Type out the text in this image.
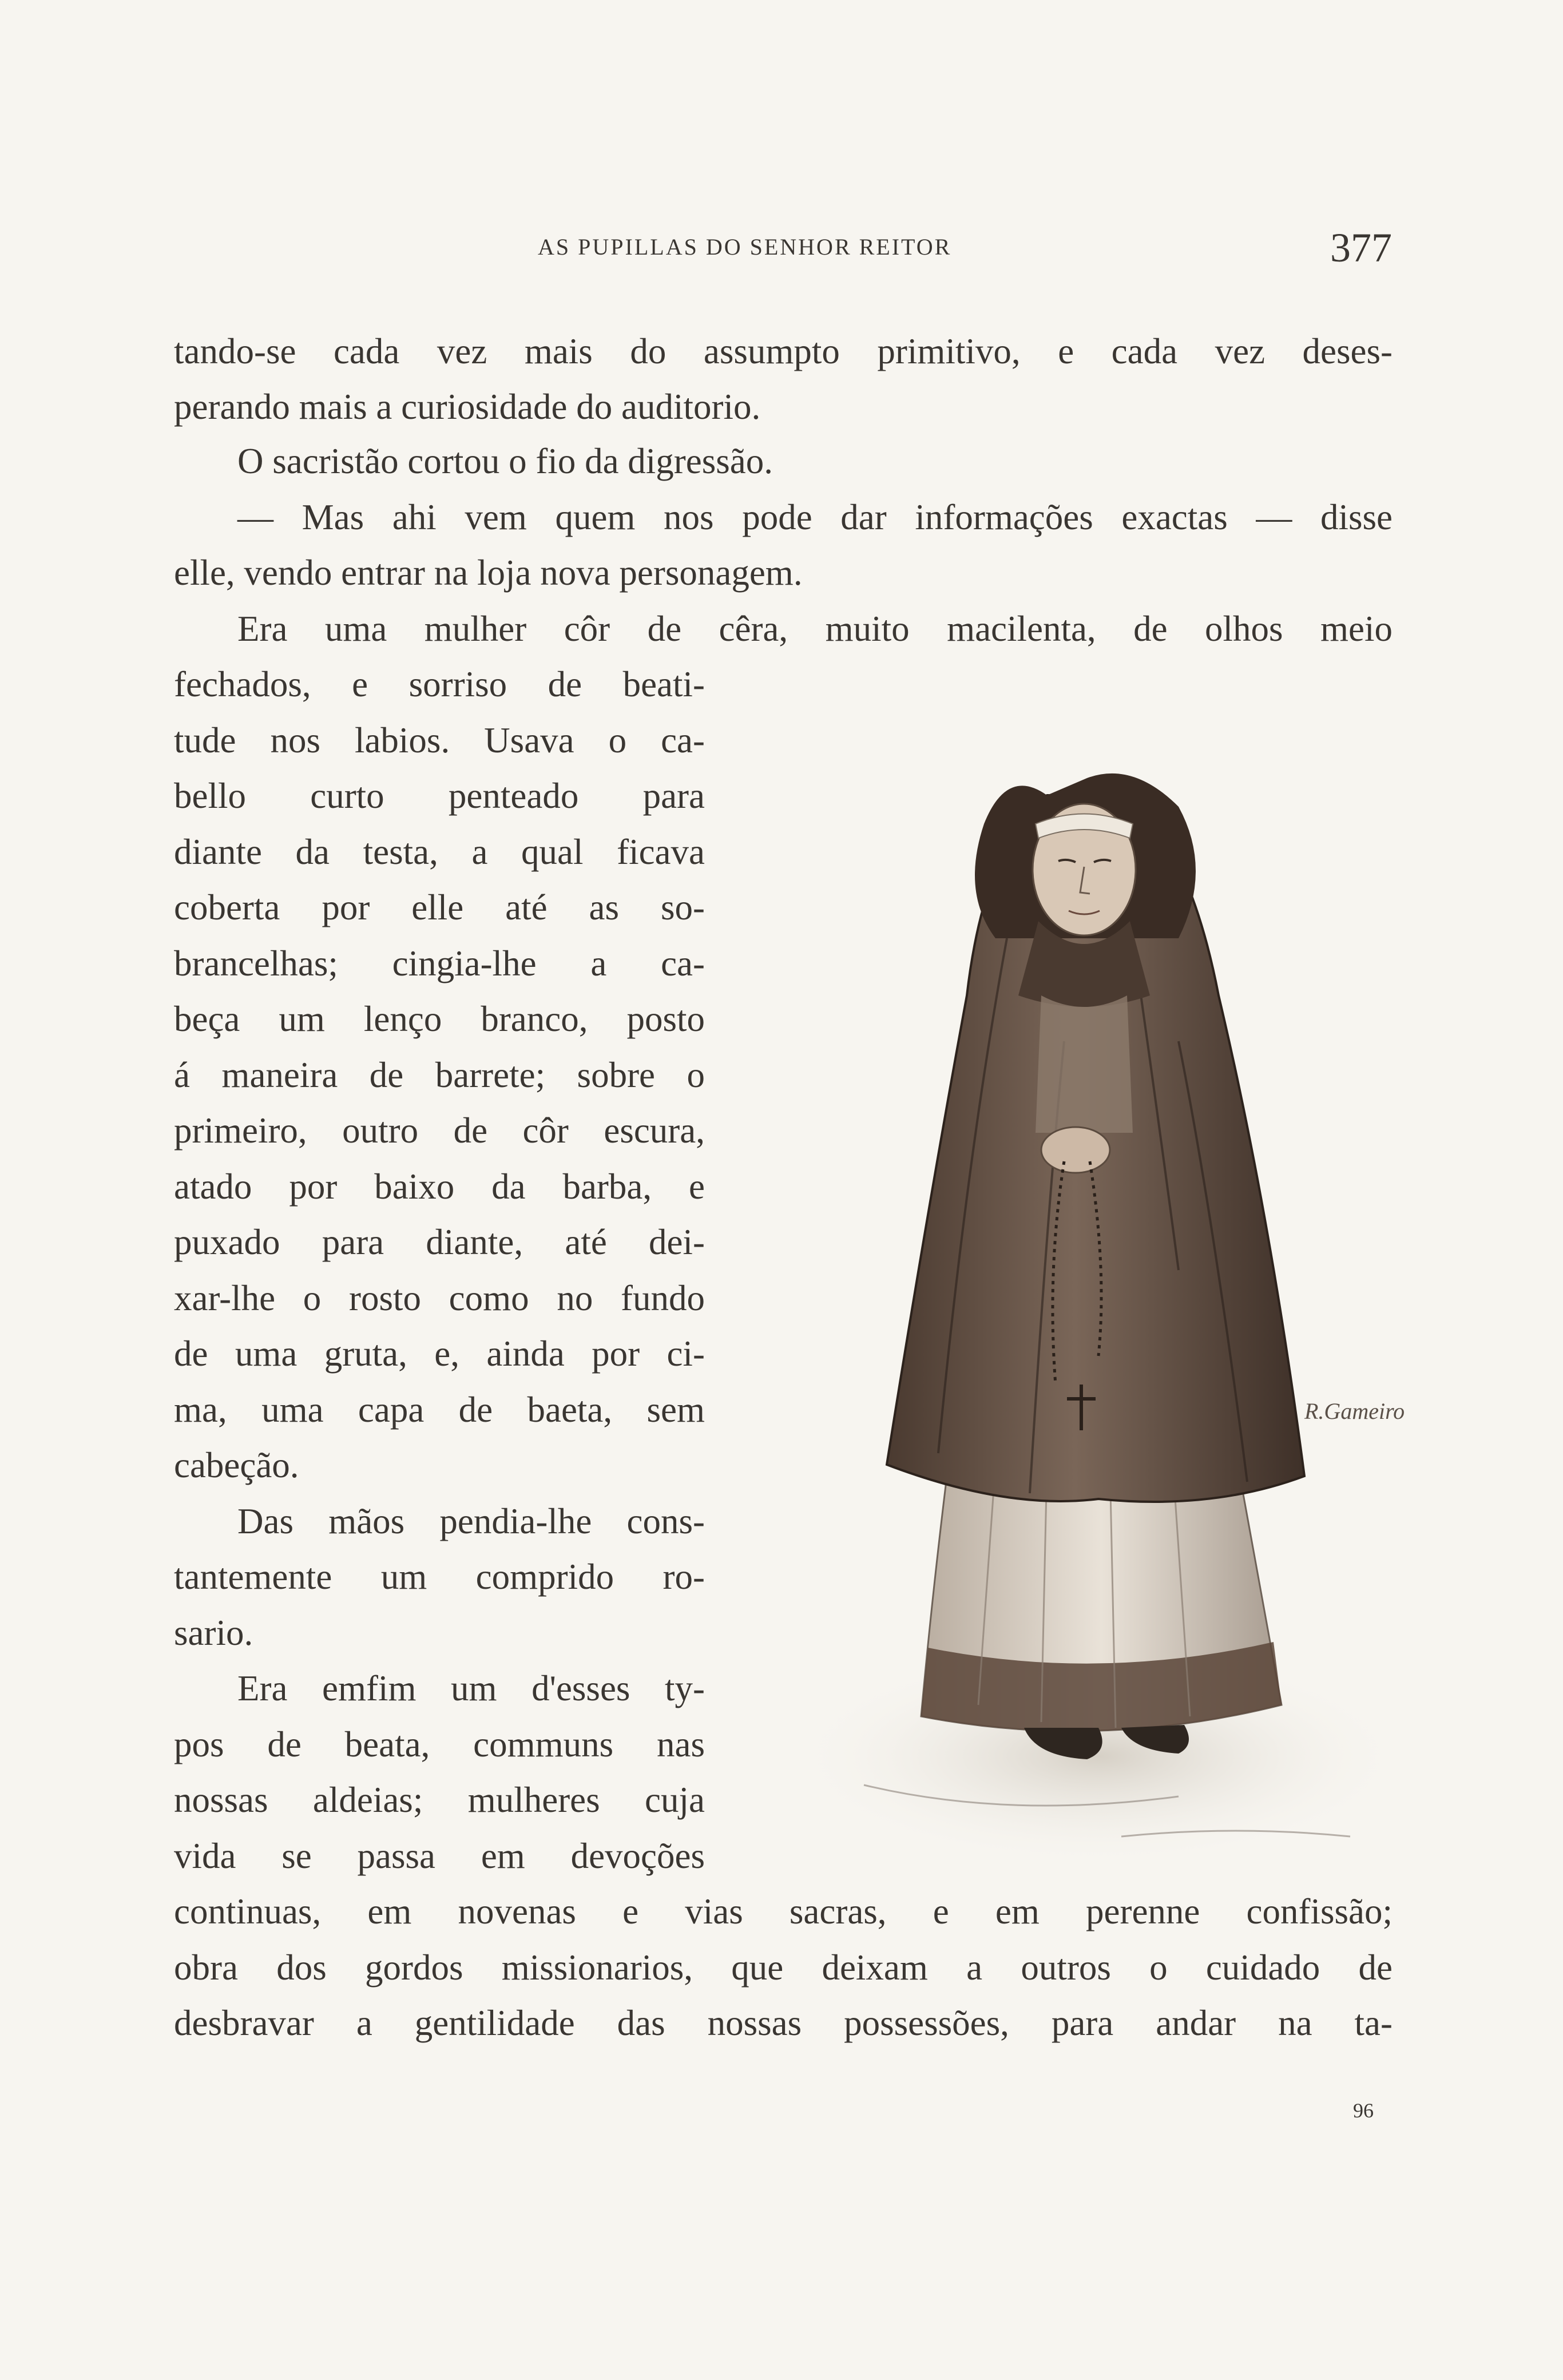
AS PUPILLAS DO SENHOR REITOR	377
tando-se cada vez mais do assumpto primitivo, e cada vez deses-
perando mais a curiosidade do auditorio.
O sacristão cortou o fio da digressão.
— Mas ahi vem quem nos pode dar informações exactas — disse
elle, vendo entrar na loja nova personagem.
Era uma mulher côr de cêra, muito macilenta, de olhos meio
fechados, e sorriso de beati-
tude nos labios. Usava o ca-
bello curto penteado para
diante da testa, a qual ficava
coberta por elle até as so-
brancelhas; cingia-lhe a ca-
beça um lenço branco, posto
á maneira de barrete; sobre o
primeiro, outro de côr escura,
atado por baixo da barba, e
puxado para diante, até dei-
xar-lhe o rosto como no fundo
de uma gruta, e, ainda por ci-
ma, uma capa de baeta, sem
cabeção.
Das mãos pendia-lhe cons-
tantemente um comprido ro-
sario.
Era emfim um d'esses ty-
pos de beata, communs nas
nossas aldeias; mulheres cuja
vida se passa em devoções
continuas, em novenas e vias sacras, e em perenne confissão;
obra dos gordos missionarios, que deixam a outros o cuidado de
desbravar a gentilidade das nossas possessões, para andar na ta-
96
R.Gameiro
